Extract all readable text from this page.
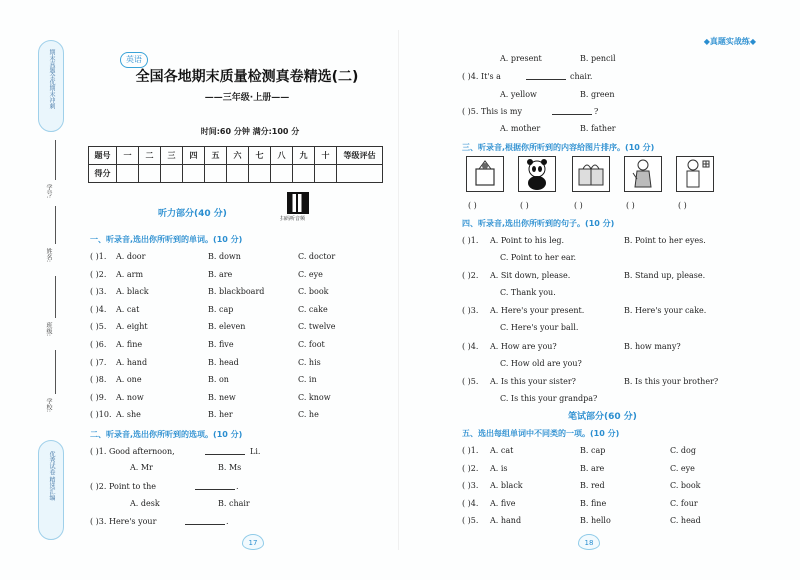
期末真题全优期末冲刺
优秀试卷 精选汇编
学号:
姓名:
班级:
学校:
英语
全国各地期末质量检测真卷精选(二)
——三年级·上册——
时间:60 分钟 满分:100 分
题号	一	二	三	四	五	六	七	八	九	十	等级评估
得分											
扫码听音频
听力部分(40 分)
一、听录音,选出你所听到的单词。(10 分)
( )1. A. door	B. down	C. doctor
( )2. A. arm	B. are	C. eye
( )3. A. black	B. blackboard	C. book
( )4. A. cat	B. cap	C. cake
( )5. A. eight	B. eleven	C. twelve
( )6. A. fine	B. five	C. foot
( )7. A. hand	B. head	C. his
( )8. A. one	B. on	C. in
( )9. A. now	B. new	C. know
( )10. A. she	B. her	C. he
二、听录音,选出你所听到的选项。(10 分)
( )1. Good afternoon,	Li.
A. Mr	B. Ms
( )2. Point to the	.
A. desk	B. chair
( )3. Here's your	.
17
◆真题实战练◆
A. present	B. pencil
( )4. It's a	chair.
A. yellow	B. green
( )5. This is my	?
A. mother	B. father
三、听录音,根据你所听到的内容给图片排序。(10 分)
( )	( )	( )	( )	( )
四、听录音,选出你所听到的句子。(10 分)
( )1. A. Point to his leg.	B. Point to her eyes.
C. Point to her ear.
( )2. A. Sit down, please.	B. Stand up, please.
C. Thank you.
( )3. A. Here's your present.	B. Here's your cake.
C. Here's your ball.
( )4. A. How are you?	B. how many?
C. How old are you?
( )5. A. Is this your sister?	B. Is this your brother?
C. Is this your grandpa?
笔试部分(60 分)
五、选出每组单词中不同类的一项。(10 分)
( )1. A. cat	B. cap	C. dog
( )2. A. is	B. are	C. eye
( )3. A. black	B. red	C. book
( )4. A. five	B. fine	C. four
( )5. A. hand	B. hello	C. head
18
